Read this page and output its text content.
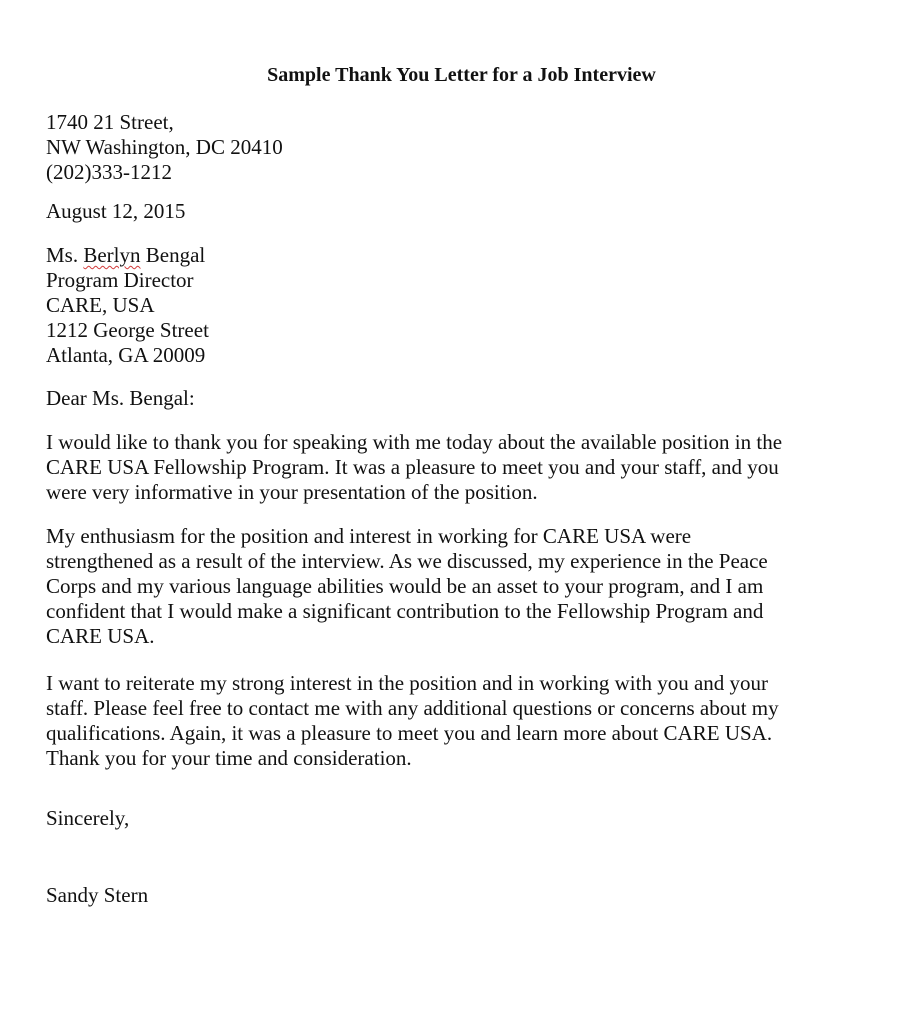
Sample Thank You Letter for a Job Interview
1740 21 Street,
NW Washington, DC 20410
(202)333-1212
August 12, 2015
Ms. Berlyn Bengal
Program Director
CARE, USA
1212 George Street
Atlanta, GA 20009
Dear Ms. Bengal:
I would like to thank you for speaking with me today about the available position in the
CARE USA Fellowship Program. It was a pleasure to meet you and your staff, and you
were very informative in your presentation of the position.
My enthusiasm for the position and interest in working for CARE USA were
strengthened as a result of the interview. As we discussed, my experience in the Peace
Corps and my various language abilities would be an asset to your program, and I am
confident that I would make a significant contribution to the Fellowship Program and
CARE USA.
I want to reiterate my strong interest in the position and in working with you and your
staff. Please feel free to contact me with any additional questions or concerns about my
qualifications. Again, it was a pleasure to meet you and learn more about CARE USA.
Thank you for your time and consideration.
Sincerely,
Sandy Stern
